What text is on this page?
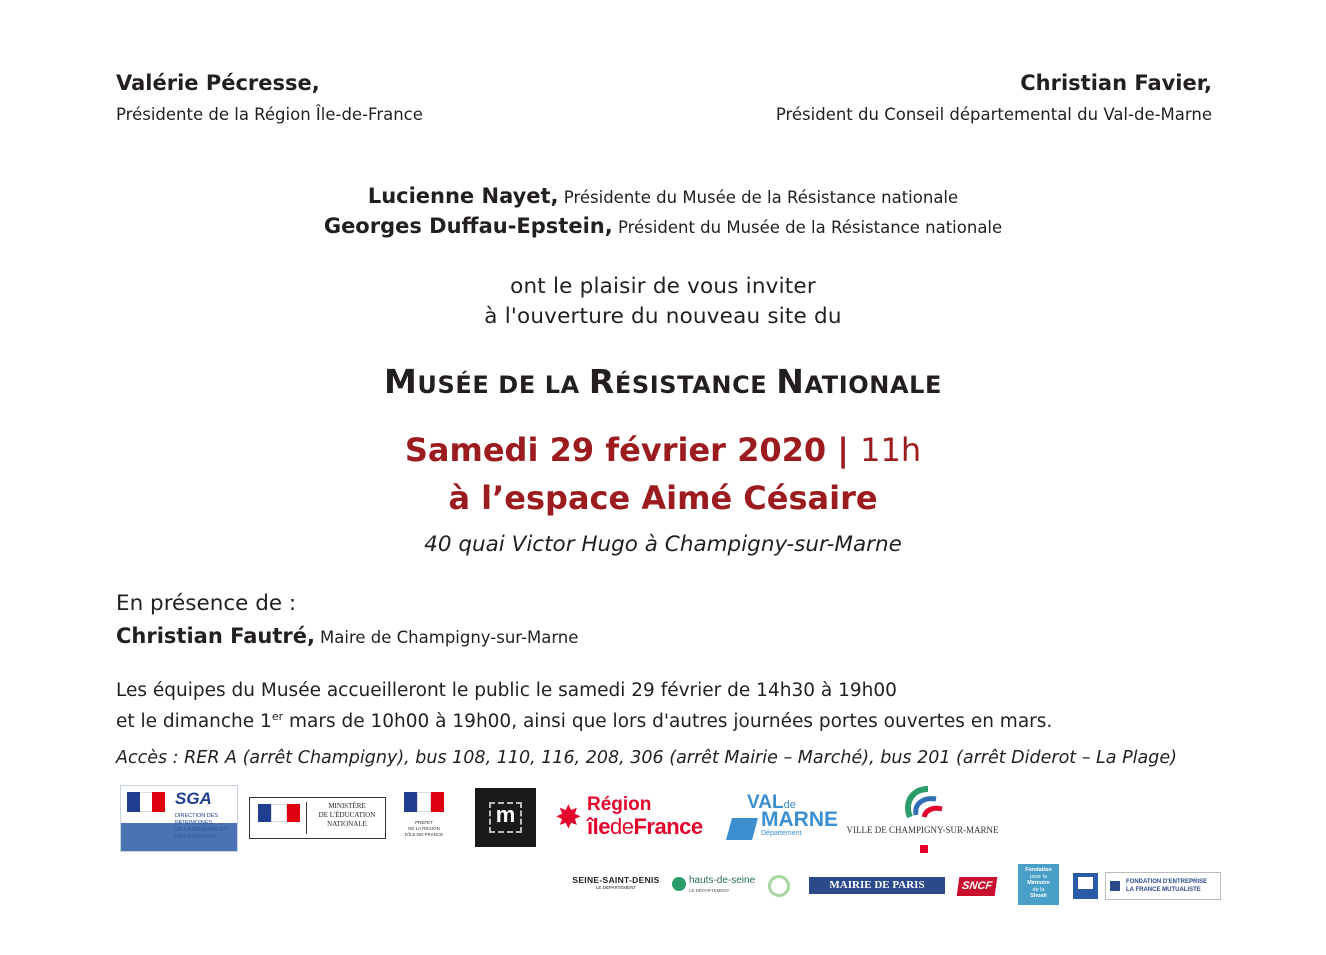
Valérie Pécresse,
Présidente de la Région Île-de-France
Christian Favier,
Président du Conseil départemental du Val-de-Marne
Lucienne Nayet, Présidente du Musée de la Résistance nationale
Georges Duffau-Epstein, Président du Musée de la Résistance nationale
ont le plaisir de vous inviter
à l'ouverture du nouveau site du
MUSÉE DE LA RÉSISTANCE NATIONALE
Samedi 29 février 2020 | 11h
à l’espace Aimé Césaire
40 quai Victor Hugo à Champigny-sur-Marne
En présence de :
Christian Fautré, Maire de Champigny-sur-Marne
Les équipes du Musée accueilleront le public le samedi 29 février de 14h30 à 19h00
et le dimanche 1er mars de 10h00 à 19h00, ainsi que lors d'autres journées portes ouvertes en mars.
Accès : RER A (arrêt Champigny), bus 108, 110, 116, 208, 306 (arrêt Mairie – Marché), bus 201 (arrêt Diderot – La Plage)
SGA
DIRECTION DES
MINISTÈRE
DE L'ÉDUCATION
NATIONALE	PRÉFET
DE LA RÉGION
D'ÎLE-DE-FRANCE
m	✸ Région
îledeFrance
VALde
MARNE
Département	VILLE DE CHAMPIGNY-SUR-MARNE
SEINE-SAINT-DENIS
LE DÉPARTEMENT
hauts-de-seine
LE DÉPARTEMENT	MAIRIE DE PARIS	SNCF
Fondation
pour la
Mémoire
de la
Shoah
FONDATION D'ENTREPRISE
LA FRANCE MUTUALISTE
